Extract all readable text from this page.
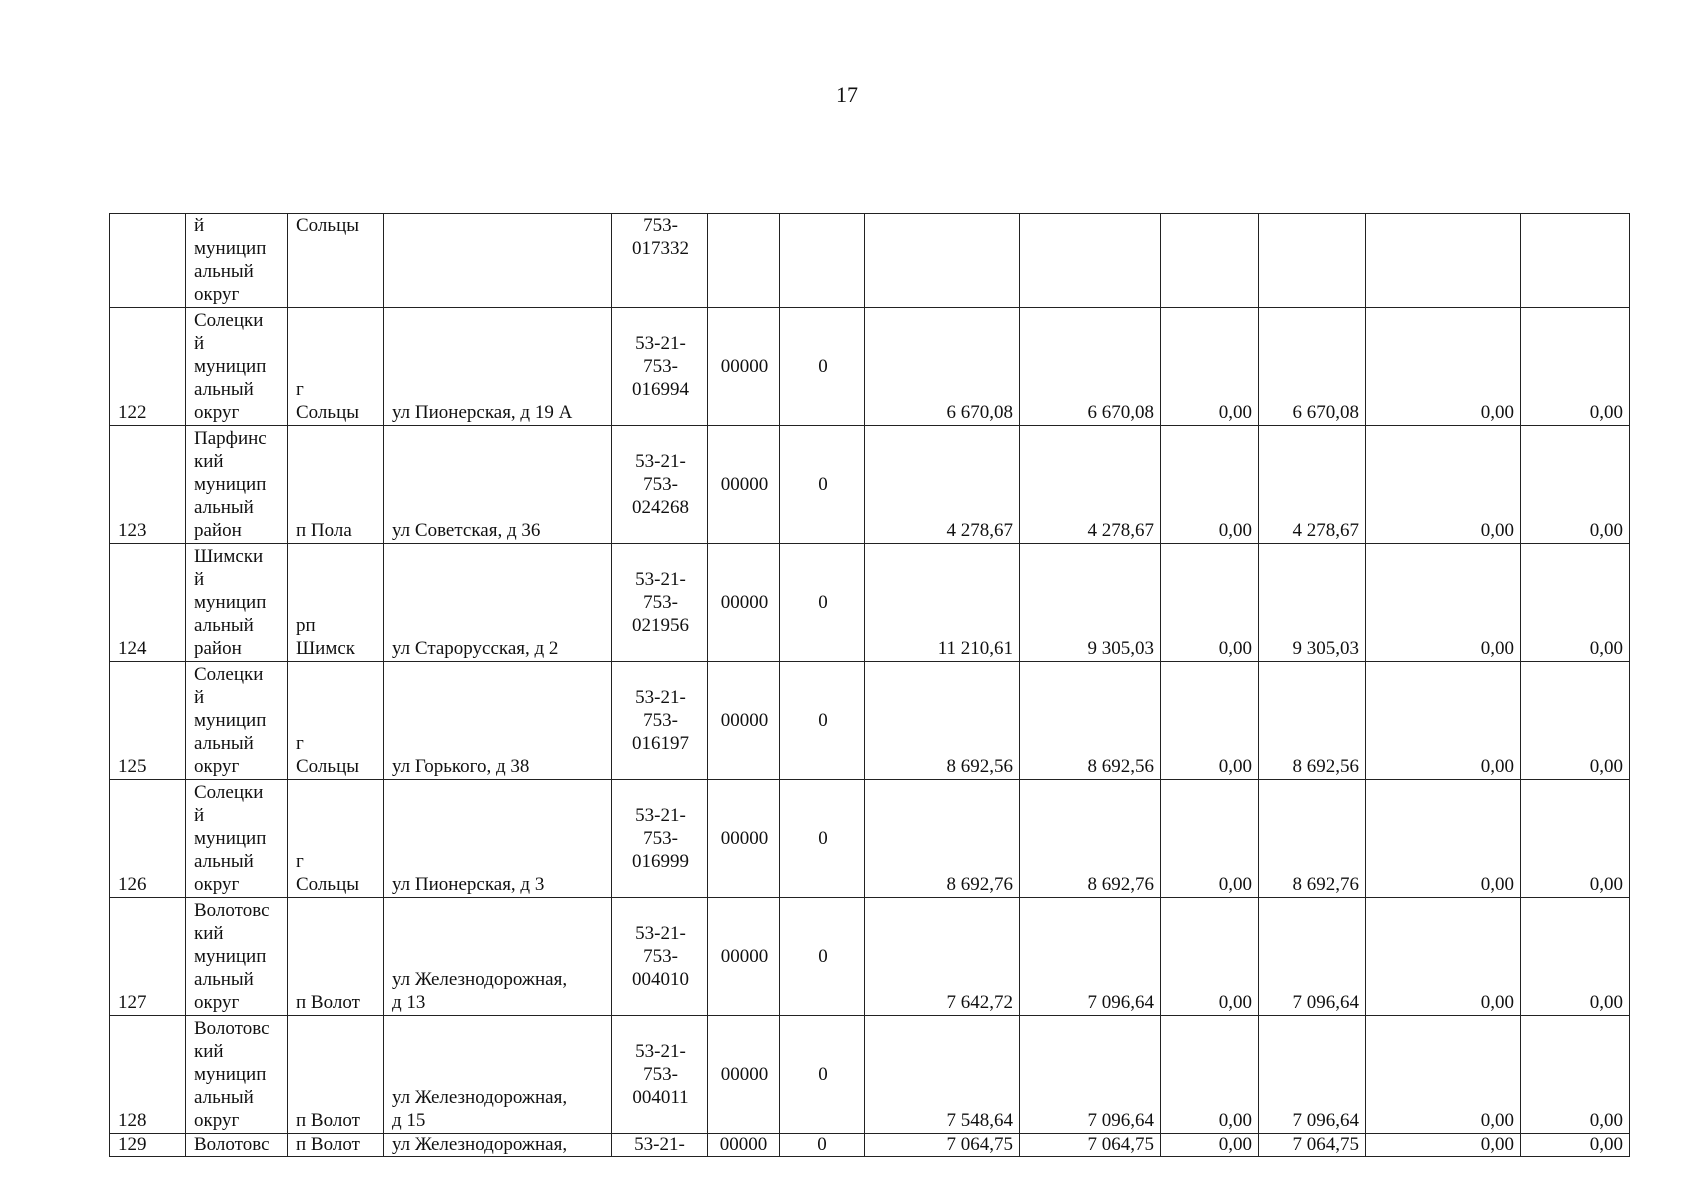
17
	й
муницип
альный
округ	Сольцы		753-
017332								
122	Солецки
й
муницип
альный
округ	г
Сольцы	ул Пионерская, д 19 А	53-21-
753-
016994	00000	0	6 670,08	6 670,08	0,00	6 670,08	0,00	0,00
123	Парфинс
кий
муницип
альный
район	п Пола	ул Советская, д 36	53-21-
753-
024268	00000	0	4 278,67	4 278,67	0,00	4 278,67	0,00	0,00
124	Шимски
й
муницип
альный
район	рп
Шимск	ул Старорусская, д 2	53-21-
753-
021956	00000	0	11 210,61	9 305,03	0,00	9 305,03	0,00	0,00
125	Солецки
й
муницип
альный
округ	г
Сольцы	ул Горького, д 38	53-21-
753-
016197	00000	0	8 692,56	8 692,56	0,00	8 692,56	0,00	0,00
126	Солецки
й
муницип
альный
округ	г
Сольцы	ул Пионерская, д 3	53-21-
753-
016999	00000	0	8 692,76	8 692,76	0,00	8 692,76	0,00	0,00
127	Волотовс
кий
муницип
альный
округ	п Волот	ул Железнодорожная,
д 13	53-21-
753-
004010	00000	0	7 642,72	7 096,64	0,00	7 096,64	0,00	0,00
128	Волотовс
кий
муницип
альный
округ	п Волот	ул Железнодорожная,
д 15	53-21-
753-
004011	00000	0	7 548,64	7 096,64	0,00	7 096,64	0,00	0,00
129	Волотовс	п Волот	ул Железнодорожная,	53-21-	00000	0	7 064,75	7 064,75	0,00	7 064,75	0,00	0,00
